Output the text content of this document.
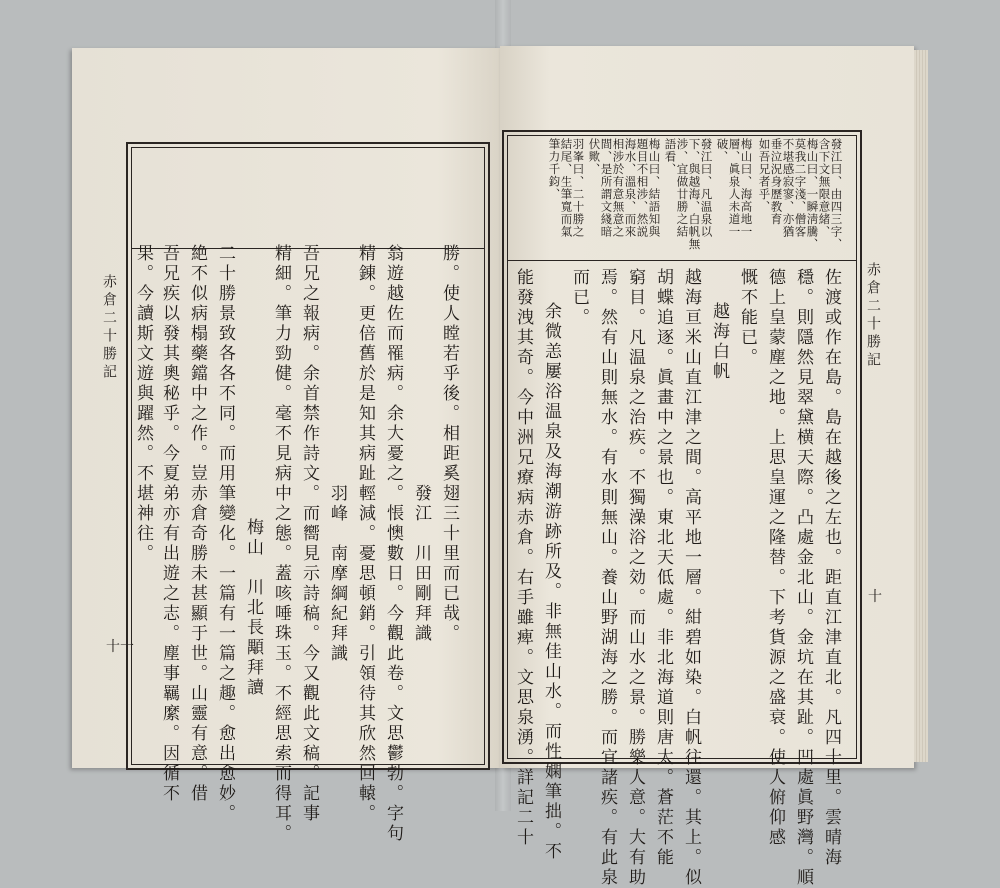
赤倉二十勝記
十一
勝。使人瞠若乎後。相距奚翅三十里而已哉。
發江　川田剛拜識
翁遊越佐而罹病。余大憂之。悵懊數日。今觀此卷。文思鬱勃。字句
精錬。更倍舊於是知其病趾輕減。憂思頓銷。引領待其欣然回轅。
羽峰　南摩綱紀拜識
吾兄之報病。余首禁作詩文。而嚮見示詩稿。今又觀此文稿。記事
精細。筆力勁健。毫不見病中之態。蓋咳唾珠玉。不經思索而得耳。
梅山　川北長顒拜讀
二十勝景致各各不同。而用筆變化。一篇有一篇之趣。愈出愈妙。
絶不似病榻藥鐺中之作。豈赤倉奇勝未甚顯于世。山靈有意。借
吾兄疾以發其奧秘乎。今夏弟亦有出遊之志。塵事羈縻。因循不
果。今讀斯文遊與躍然。不堪神往。	赤倉二十勝記
十
發江曰、由四三字、
含下文無限意緒、
梅山曰、一瞬淸騰、
莫我二字淺、僧客
不堪感寂寥、亦猶
垂泣況身歷教育
如吾兄者乎、
梅山曰、海高地一
層、眞泉人未道一
破、
發江曰、凡温泉以
下、與越海、白帆無
涉、宜做廿勝之結
語看、
梅山曰、結語知與
題目不相涉、然説
海水、溫泉、而來
相涉於有意無意之
間、是所謂文綫暗
伏歟、
羽峯曰、二十勝之
結尾、生筆寬而氣
筆力千鈞、
佐渡或作在島。島在越後之左也。距直江津直北。凡四十里。雲晴海
穩。則隱然見翠黛横天際。凸處金北山。金坑在其趾。凹處眞野灣。順
德上皇蒙塵之地。上思皇運之隆替。下考貨源之盛衰。使人俯仰感
慨不能已。
越海白帆
越海亘米山直江津之間。高平地一層。紺碧如染。白帆往還。其上。似
胡蝶追逐。眞畫中之景也。東北天低處。非北海道則唐太。蒼茫不能
窮目。凡温泉之治疾。不獨澡浴之効。而山水之景。勝樂人意。大有助
焉。然有山則無水。有水則無山。養山野湖海之勝。而宜諸疾。有此泉
而已。
余微恙屢浴温泉及海潮游跡所及。非無佳山水。而性嫻筆拙。不
能發洩其奇。今中洲兄療病赤倉。右手雖痺。文思泉湧。詳記二十
